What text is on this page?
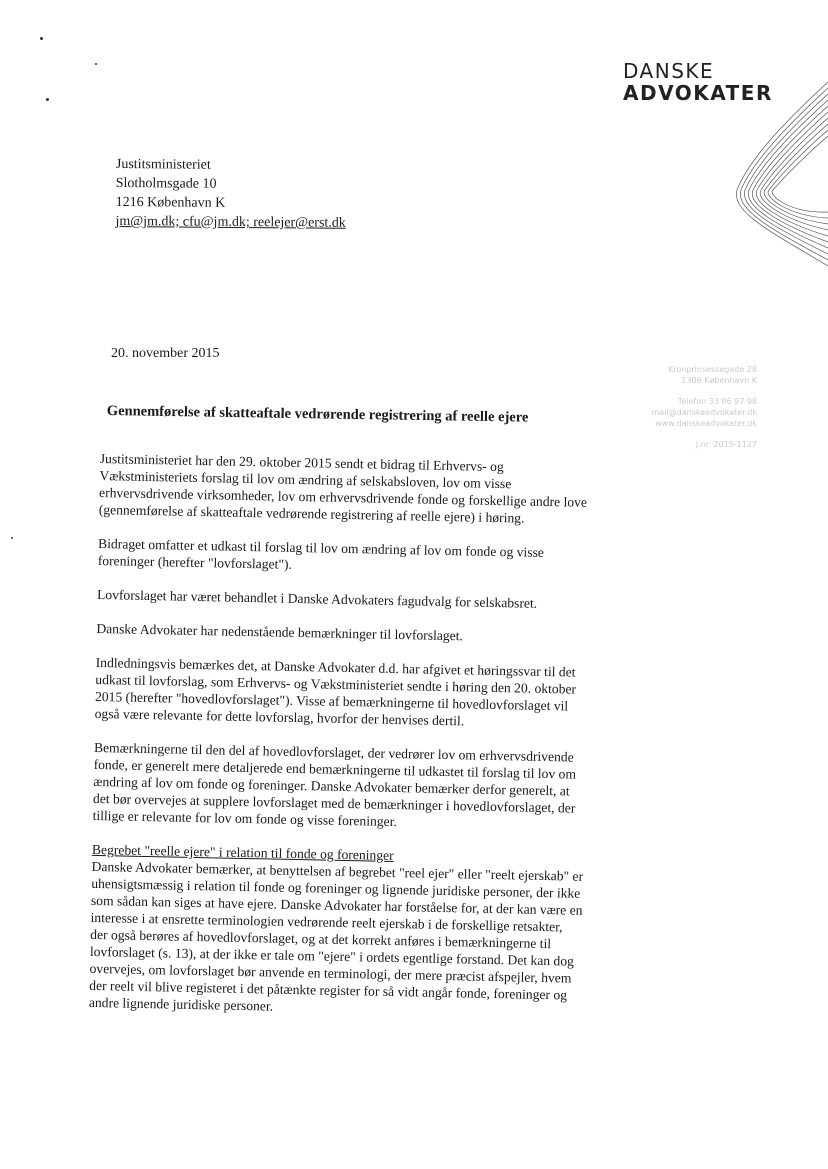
DANSKE
ADVOKATER
Justitsministeriet
Slotholmsgade 10
1216 København K
jm@jm.dk; cfu@jm.dk; reelejer@erst.dk
20. november 2015
Kronprinsessegade 28
1306 København K
Telefon 33 96 97 98
mail@danskeadvokater.dk
www.danskeadvokater.dk
J.nr. 2015-1127
Gennemførelse af skatteaftale vedrørende registrering af reelle ejere

Justitsministeriet har den 29. oktober 2015 sendt et bidrag til Erhvervs- og Vækstministeriets forslag til lov om ændring af selskabsloven, lov om visse erhvervsdrivende virksomheder, lov om erhvervsdrivende fonde og forskellige andre love (gennemførelse af skatteaftale vedrørende registrering af reelle ejere) i høring.

Bidraget omfatter et udkast til forslag til lov om ændring af lov om fonde og visse foreninger (herefter "lovforslaget").

Lovforslaget har været behandlet i Danske Advokaters fagudvalg for selskabsret.

Danske Advokater har nedenstående bemærkninger til lovforslaget.

Indledningsvis bemærkes det, at Danske Advokater d.d. har afgivet et høringssvar til det udkast til lovforslag, som Erhvervs- og Vækstministeriet sendte i høring den 20. oktober 2015 (herefter "hovedlovforslaget"). Visse af bemærkningerne til hovedlovforslaget vil også være relevante for dette lovforslag, hvorfor der henvises dertil.

Bemærkningerne til den del af hovedlovforslaget, der vedrører lov om erhvervsdrivende fonde, er generelt mere detaljerede end bemærkningerne til udkastet til forslag til lov om ændring af lov om fonde og foreninger. Danske Advokater bemærker derfor generelt, at det bør overvejes at supplere lovforslaget med de bemærkninger i hovedlovforslaget, der tillige er relevante for lov om fonde og visse foreninger.

Begrebet "reelle ejere" i relation til fonde og foreninger

Danske Advokater bemærker, at benyttelsen af begrebet "reel ejer" eller "reelt ejerskab" er uhensigtsmæssig i relation til fonde og foreninger og lignende juridiske personer, der ikke som sådan kan siges at have ejere. Danske Advokater har forståelse for, at der kan være en interesse i at ensrette terminologien vedrørende reelt ejerskab i de forskellige retsakter, der også berøres af hovedlovforslaget, og at det korrekt anføres i bemærkningerne til lovforslaget (s. 13), at der ikke er tale om "ejere" i ordets egentlige forstand. Det kan dog overvejes, om lovforslaget bør anvende en terminologi, der mere præcist afspejler, hvem der reelt vil blive registeret i det påtænkte register for så vidt angår fonde, foreninger og andre lignende juridiske personer.
